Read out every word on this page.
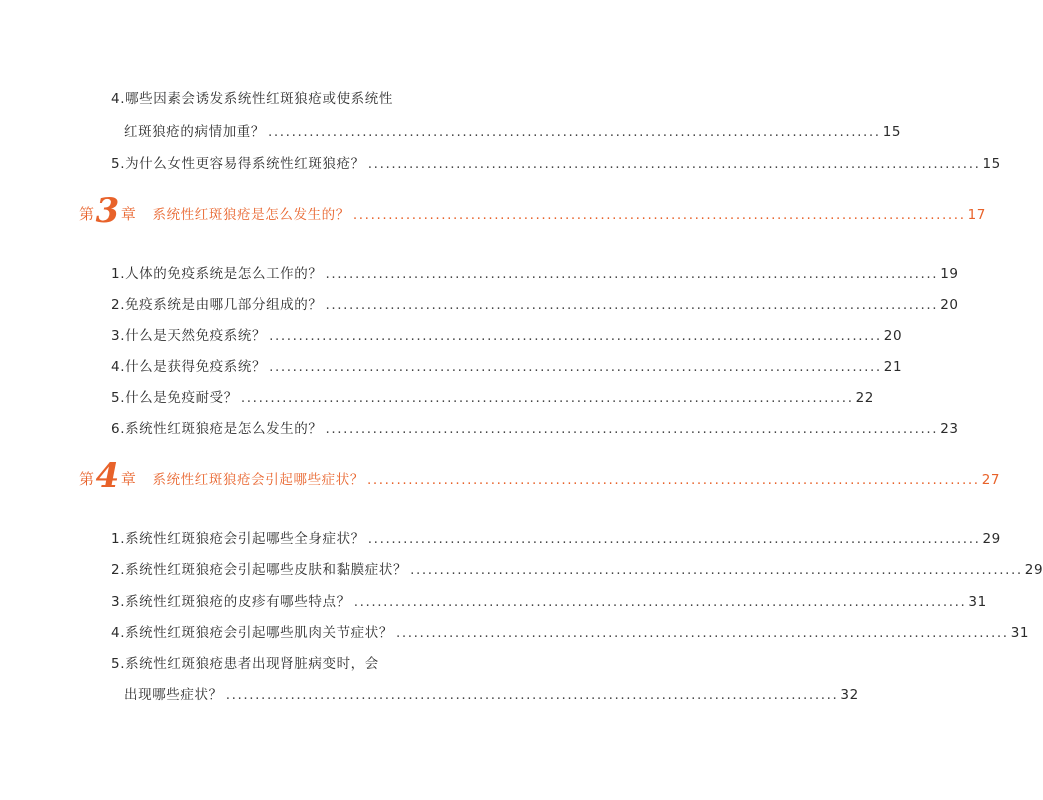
4.哪些因素会诱发系统性红斑狼疮或使系统性
红斑狼疮的病情加重？ ........................................................................................................ 15
5.为什么女性更容易得系统性红斑狼疮？ ........................................................................................................ 15
第 3 章 系统性红斑狼疮是怎么发生的？ ........................................................................................................ 17
1.人体的免疫系统是怎么工作的？ ........................................................................................................ 19
2.免疫系统是由哪几部分组成的？ ........................................................................................................ 20
3.什么是天然免疫系统？ ........................................................................................................ 20
4.什么是获得免疫系统？ ........................................................................................................ 21
5.什么是免疫耐受？ ........................................................................................................ 22
6.系统性红斑狼疮是怎么发生的？ ........................................................................................................ 23
第 4 章 系统性红斑狼疮会引起哪些症状？ ........................................................................................................ 27
1.系统性红斑狼疮会引起哪些全身症状？ ........................................................................................................ 29
2.系统性红斑狼疮会引起哪些皮肤和黏膜症状？ ........................................................................................................ 29
3.系统性红斑狼疮的皮疹有哪些特点？ ........................................................................................................ 31
4.系统性红斑狼疮会引起哪些肌肉关节症状？ ........................................................................................................ 31
5.系统性红斑狼疮患者出现肾脏病变时，会
出现哪些症状？ ........................................................................................................ 32
